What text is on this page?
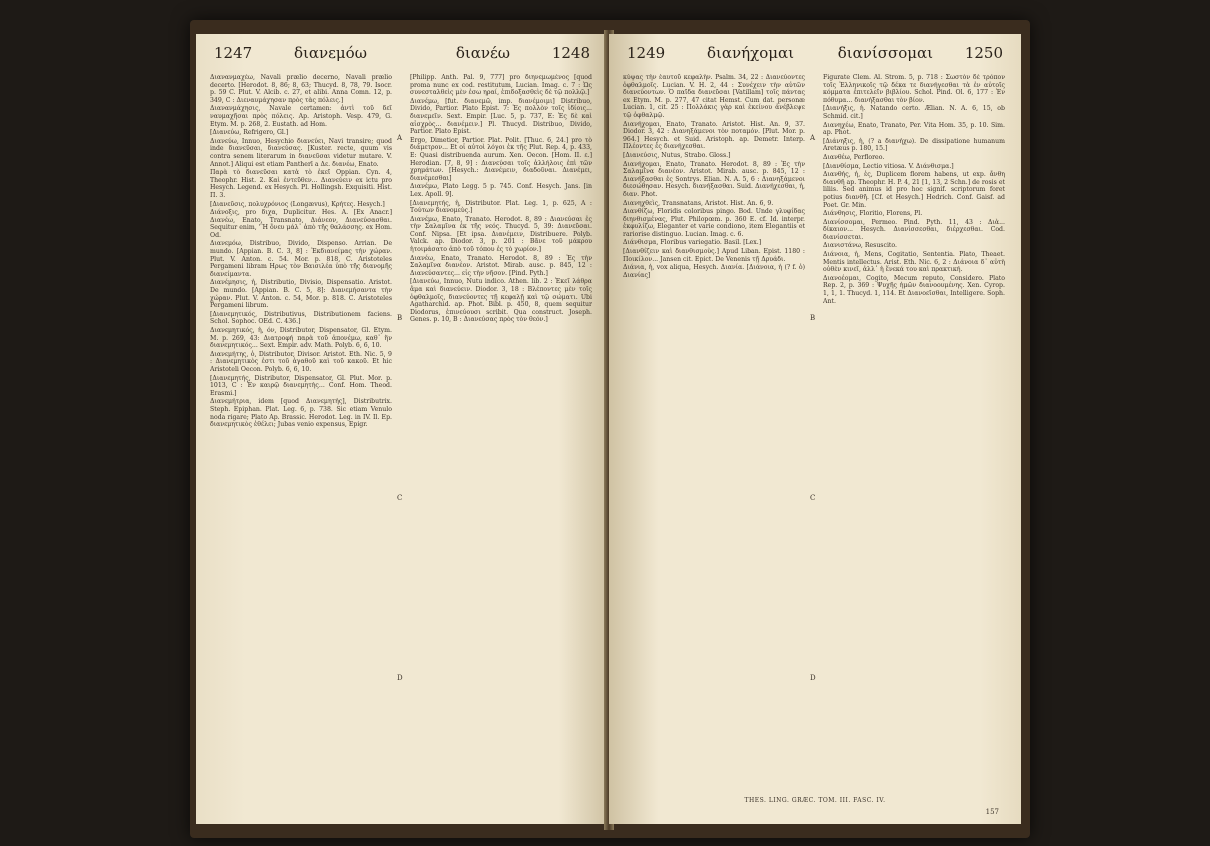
1247	διανεμόω	διανέω	1248

Διανανμαχέω, Navali prælio decerno, Navali prælio decerto. [Herodot. 8, 86; 8, 63; Thucyd. 8, 78, 79. Isocr. p. 59 C. Plut. V. Alcib. c. 27, et alibi. Anna Comn. 12, p. 349, C : Διεναυμάχησαν πρὸς τὰς πόλεις.]

Διανανμάχησις, Navale certamen: ἀντὶ τοῦ δεῖ ναυμαχῆσαι πρὸς πόλεις. Ap. Aristoph. Vesp. 479, G. Etym. M. p. 268, 2. Eustath. ad Hom.

[Διανεύω, Refrigero, Gl.]

Διανεύω, Innuo, Hesychio διανεύει, Navi transire; quod inde διανεῦσαι, διανεύσας. [Kuster. recte, quum vis contra senem literarum in διανεῦσαι videtur mutare. V. Annot.] Aliqui est etiam Pantherī a Δε. διανέω, Enato.

Παρὰ τὸ διανεῦσαι κατὰ τὸ ἐκεῖ Oppian. Cyn. 4, Theophr. Hist. 2. Καὶ ἐντεῦθεν... Διανεύειν ex ictu pro Hesych. Legend. ex Hesych. Pl. Hollingsh. Exquisiti. Hist. Π. 3.

[Διανεῦσις, πολυχρόνιος (Longævus), Κρήτες. Hesych.]

Διάνοξις, pro διχα, Duplicitur. Hes. A. [Ex Anacr.] Διανέω, Enato, Transnato, Διάνεον, Διανεύσασθαι. Sequitur enim, 'Ἢ ὅνευ μάλ᾽ ἀπὸ τῆς θαλάσσης. ex Hom. Od.

Διανεμόω, Distribuo, Divido, Dispenso. Arrian. De mundo. [Appian. B. C. 3, 8] : Ἐκδιανείμας τὴν χώραν. Plut. V. Anton. c. 54. Mor. p. 818, C. Aristoteles Pergameni libram Ηρως τὸν Βαισιλέα ὑπὸ τῆς διανομῆς διανείμαντα.

Διανέμησις, ἡ, Distributio, Divisio, Dispensatio. Aristot. De mundo. [Appian. B. C. 5, 8]: Διανεμήσαντα τὴν χώραν. Plut. V. Anton. c. 54, Mor. p. 818. C. Aristoteles Pergameni librum.

[Διανεμητικός, Distributivus, Distributionem faciens. Schol. Sophoc. OEd. C. 436.]

Διανεμητικός, ἡ, όν, Distributor, Dispensator, Gl. Etym. M. p. 269, 43: Διατροφή παρὰ τοῦ ἀπονέμω, καθ᾽ ἣν διανεμητικός... Sext. Empir. adv. Math. Polyb. 6, 6, 10.

Διανεμήτης, ὁ, Distributor, Divisor. Aristot. Eth. Nic. 5, 9 : Διανεμητικὸς ἐστι τοῦ ἀγαθοῦ καὶ τοῦ κακοῦ. Et hic Aristoteli Oecon. Polyb. 6, 6, 10.

[Διανεμητής, Distributor, Dispensator, Gl. Plut. Mor. p. 1013, C : Ἐν καιρῷ διανεμητὴς... Conf. Hom. Theod. Erasmi.]

Διανεμήτρια, idem [quod Διανεμητής], Distributrix. Steph. Epiphan. Plat. Leg. 6, p. 738. Sic etiam Venulo noda rigare; Plato Ap. Brassic. Herodot. Leg. in IV. Il. Ep. διανεμητικὸς ἐθέλει; Jubas venio expensus, Epigr.

A
B
C
D

[Philipp. Anth. Pal. 9, 777] pro διηνεμωμένος [quod proma nunc ex cod. restitutum, Lucian. Imag. c. 7 : Ὡς συνεσταλθεὶς μὲν ἐσω ηραί, ἐπιδοξασθεὶς δὲ τῷ πολλῷ.]

Διανέμω, [fut. διανεμῶ, imp. διανέμοιμι] Distribuo, Divido, Partior. Plato Epist. 7: Ἐς πολλὸν τοῖς ἰδίοις... διανεμεῖν. Sext. Empir. [Luc. 5, p. 737, E: Ἐς δὲ καὶ αἰσχρὸς... διανέμειν.] Pl. Thucyd. Distribuo, Divido, Partior. Plato Epist.

Ergo, Dimetior, Partior. Plat. Polit. [Thuc. 6, 24.] pro τὸ διάμετρον... Et οἱ αὐτοὶ λόγοι ἐκ τῆς Plut. Rep. 4, p. 433, E: Quasi distribuenda aurum. Xen. Oecon. [Hom. II. ε.] Herodian. [7, 8, 9] : Διανεύσαι τοῖς ἀλλήλοις ἐπὶ τῶν χρημάτων. [Hesych.: Διανέμειν, διαδοῦναι. Διανέμει, διανέμεσθαι]

Διανέμω, Plato Legg. 5 p. 745. Conf. Hesych. Jans. [in Lex. Apoll. 9].

[Διανεμητής, ἡ, Distributor. Plat. Leg. 1, p. 625, A : Τούτων διανομεὺς.]

Διανέμω, Enato, Tranato. Herodot. 8, 89 : Διανεύσαι ἐς τὴν Σαλαμῖνα ἐκ τῆς νεός. Thucyd. 5, 39: Διανεῦσαι. Conf. Nipsa. [Et ipsa. Διανέμειν, Distribuere. Polyb. Valck. ap. Diodor. 3, p. 201 : Βᾶνε τοῦ μάκρου ἡτοιμάσατο ἀπὸ τοῦ τόπου ἐς τὸ χωρίον.]

Διανέω, Enato, Tranato. Herodot. 8, 89 : Ἐς τὴν Σαλαμῖνα διανέον. Aristot. Mirab. ausc. p. 845, 12 : Διανεύσαντες... εἰς τὴν νῆσον. [Pind. Pyth.]

[Διανεύω, Innuo, Nutu indico. Athen. lib. 2 : Ἐκεῖ λάθρα ἄμα καὶ διανεύειν. Diodor. 3, 18 : Βλέποντες μὲν τοῖς ὀφθαλμοῖς, διανεύοντες τῇ κεφαλῇ καὶ τῷ σώματι. Ubi Agatharchid. ap. Phot. Bibl. p. 450, 8, quem sequitur Diodorus, ἐπινεύουσι scribit. Qua construct. Joseph. Genes. p. 10, B : Διανεύσας πρὸς τὸν θεόν.]

1249	διανήχομαι	διανίσσομαι 1250

κύψας τὴν ἑαυτοῦ κεφαλὴν. Psalm. 34, 22 : Διανεύοντες ὀφθαλμοῖς. Lucian. V. H. 2, 44 : Συνέχειν τὴν αὐτῶν διανεύοντων. Ὁ παῖδα διανεῦσαι [Vatillam] τοῖς πάντας ex Etym. M. p. 277, 47 citat Hemst. Cum dat. personæ Lucian. 1, cit. 25 : Πολλάκις γὰρ καὶ ἐκείνου ἀνέβλεψε τῷ ὀφθαλμῷ.

Διανήχομαι, Enato, Tranato. Aristot. Hist. An. 9, 37. Diodor. 3, 42 : Διανηξάμενοι τὸν ποταμόν. [Plut. Mor. p. 964.] Hesych. et Suid. Aristoph. ap. Demetr. Interp. Πλέοντες ἐς διανήχεσθαι.

[Διανεύσις, Nutus, Strabo. Gloss.]

Διανήχομαι, Enato, Tranato. Herodot. 8, 89 : Ἐς τὴν Σαλαμῖνα διανέον. Aristot. Mirab. ausc. p. 845, 12 : Διανήξασθαι ἐς Sontrys. Elian. N. A. 5, 6 : Διανηξάμενοι διεσώθησαν. Hesych. διανήξασθαι. Suid. Διανήχεσθαι, ἡ, διαν. Phot.

Διανηχθεὶς, Transnatans, Aristot. Hist. An. 6, 9.

Διανθίζω, Floridis coloribus pingo. Bod. Unde γλυφίδας διηνθισμένας, Plut. Philopœm. p. 360 E. cf. Id. interpr. ἐκφυλίζω, Eleganter et varie condiono, item Elegantiis et rariorise distinguo. Lucian. Imag. c. 6.

Διάνθισμα, Floribus variegatio. Basil. [Lex.]

[Διανθίζειν καὶ διανθισμοὺς.] Apud Liban. Epist. 1180 : Ποικίλον... Jansen cit. Epict. De Venenis τῇ Δρυάδι.

Διάνια, ἡ, vox aliqua, Hesych. Διανία. [Διάνοια, ἡ (? f. ὁ) Διανίας]

A
B
C
D

Figurate Clem. Al. Strom. 5, p. 718 : Σωστὸν δὲ τρόπον τοῖς Ἑλληνικοῖς τῷ δέκα τε διανήγεσθαι τὰ ἐν αὐτοῖς κόμματα ἐπιτελεῖν βιβλίου. Schol. Pind. Ol. 6, 177 : Ἐν πόθυμα... διανήξασθαι τὸν βίον.

[Διανήξις, ἡ. Natando certo. Ælian. N. A. 6, 15, ob Schmid. cit.]

Διανηχέω, Enato, Tranato, Per. Vita Hom. 35, p. 10. Sim. ap. Phot.

[Διάνηξις, ἡ, (? a διανήχω). De dissipatione humanum Aretæus p. 180, 15.]

Διανθέω, Perfloreo.

[Διανθίσμα, Lectio vitiosa. V. Διάνθισμα.]

Διανθής, ἡ, ἐς, Duplicem florem habens, ut exp. ἄνθη διανθῆ ap. Theophr. H. P. 4, 21 [1, 13, 2 Schn.] de rosis et liliis. Sed animus id pro hoc signif. scriptorum foret potius διανθῆ. [Cf. et Hesych.] Hedrich. Conf. Gaisf. ad Poet. Gr. Min.

Διάνθησις, Floritio, Florens, Pl.

Διανίσσομαι, Permeo. Pind. Pyth. 11, 43 : Διὰ... δίκαιον... Hesych. Διανίσσεσθαι, διέρχεσθαι. Cod. διανίσσεται.

Διανιστάνω, Resuscito.

Διάνοια, ἡ, Mens, Cogitatio, Sententia. Plato, Theaet. Mentis intellectus. Arist. Eth. Nic. 6, 2 : Διάνοια δ᾽ αὐτὴ οὐθὲν κινεῖ, ἀλλ᾽ ἡ ἕνεκά του καὶ πρακτική.

Διανοέομαι, Cogito, Mecum reputo, Considero. Plato Rep. 2, p. 369 : Ψυχῆς ἡμῶν διανοουμένης. Xen. Cyrop. 1, 1, 1. Thucyd. 1, 114. Et Διανοεῖσθαι, Intelligere. Soph. Ant.

THES. LING. GRÆC. TOM. III. FASC. IV.
157
